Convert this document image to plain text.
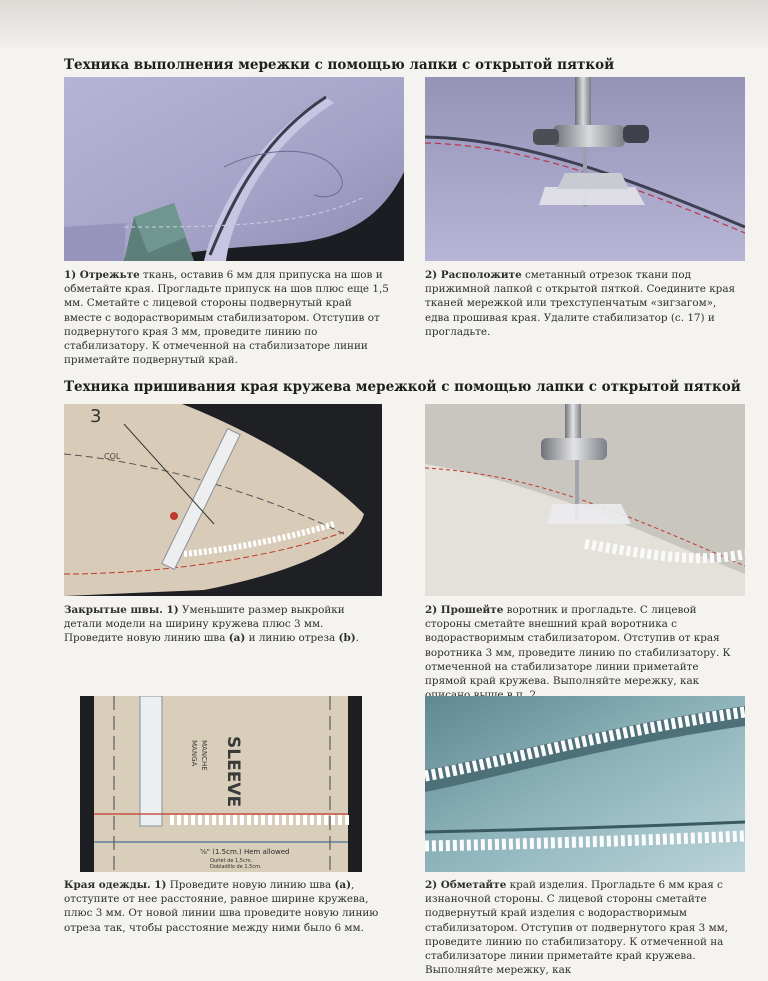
Техника выполнения мережки с помощью лапки с открытой пяткой

1) Отрежьте ткань, оставив 6 мм для припуска на шов и обметайте края. Прогладьте припуск на шов плюс еще 1,5 мм. Сметайте с лицевой стороны подвернутый край вместе с водорастворимым стабилизатором. Отступив от подвернутого края 3 мм, проведите линию по стабилизатору. К отмеченной на стабилизаторе линии приметайте подвернутый край.

2) Расположите сметанный отрезок ткани под прижимной лапкой с открытой пяткой. Соедините края тканей мережкой или трехступенчатым «зигзагом», едва прошивая края. Удалите стабилизатор (с. 17) и прогладьте.

Техника пришивания края кружева мережкой с помощью лапки с открытой пяткой
3
COL

Закрытые швы. 1) Уменьшите размер выкройки детали модели на ширину кружева плюс 3 мм. Проведите новую линию шва (a) и линию отреза (b).

2) Прошейте воротник и прогладьте. С лицевой стороны сметайте внешний край воротника с водорастворимым стабилизатором. Отступив от края воротника 3 мм, проведите линию по стабилизатору. К отмеченной на стабилизаторе линии приметайте прямой край кружева. Выполняйте мережку, как

SLEEVE
MANCHE
MANGA
⅝" (1.5cm.) Hem allowed
Ourlet de 1,5cm.
Dobladillo de 1,5cm.

Края одежды. 1) Проведите новую линию шва (a), отступите от нее расстояние, равное ширине кружева, плюс 3 мм. От новой линии шва проведите новую линию отреза так, чтобы расстояние между ними было 6 мм.

2) Обметайте край изделия. Прогладьте 6 мм края с изнаночной стороны. С лицевой стороны сметайте подвернутый край изделия с водорастворимым стабилизатором. Отступив от подвернутого края 3 мм, проведите линию по стабилизатору. К отмеченной на стабилизаторе линии приметайте край кружева. Выполняйте мережку, как
